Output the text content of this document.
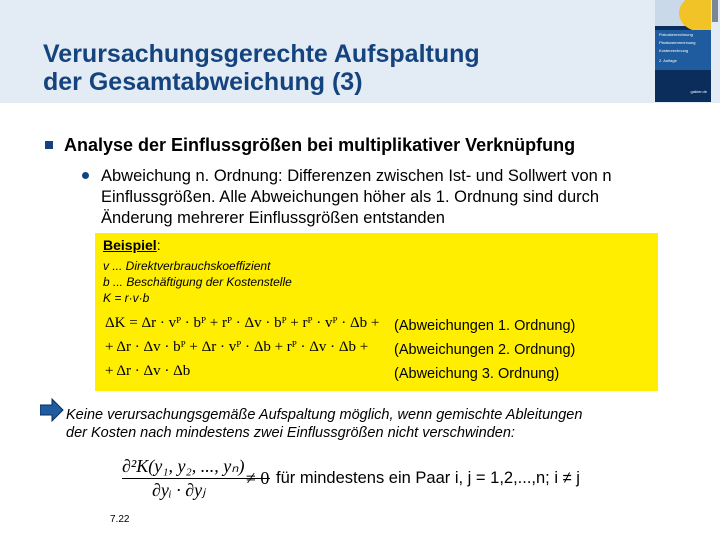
Verursachungsgerechte Aufspaltung
der Gesamtabweichung (3)
Fixkostenrechnung
Plankostenrechnung
Kostenrechnung
2. Auflage
gabler.de
Analyse der Einflussgrößen bei multiplikativer Verknüpfung
Abweichung n. Ordnung: Differenzen zwischen Ist- und Sollwert von n
Einflussgrößen. Alle Abweichungen höher als 1. Ordnung sind durch
Änderung mehrerer Einflussgrößen entstanden
Beispiel:
v ... Direktverbrauchskoeffizient
b ... Beschäftigung der Kostenstelle
K = r·v·b
ΔK = Δr · vᴾ · bᴾ + rᴾ · Δv · bᴾ + rᴾ · vᴾ · Δb +
+ Δr · Δv · bᴾ + Δr · vᴾ · Δb + rᴾ · Δv · Δb +
+ Δr · Δv · Δb
(Abweichungen 1. Ordnung)
(Abweichungen 2. Ordnung)
(Abweichung 3. Ordnung)
Keine verursachungsgemäße Aufspaltung möglich, wenn gemischte Ableitungen
der Kosten nach mindestens zwei Einflussgrößen nicht verschwinden:
∂²K(y₁, y₂, ..., yₙ)
∂yᵢ · ∂yⱼ
≠ 0 für mindestens ein Paar i, j = 1,2,...,n; i ≠ j
7.22
